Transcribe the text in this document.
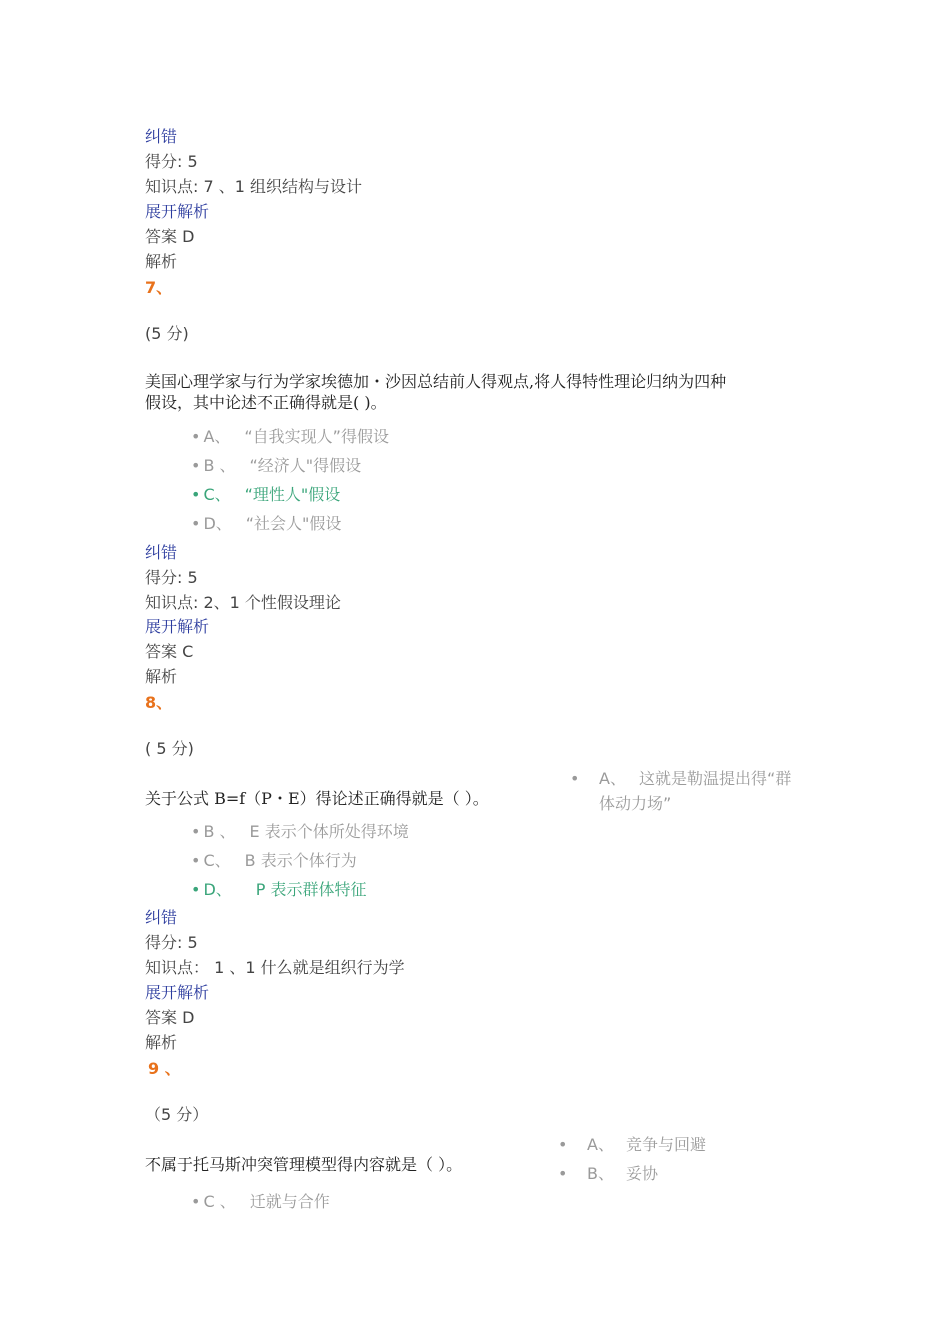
纠错
得分: 5
知识点: 7 、1 组织结构与设计
展开解析
答案 D
解析
7、
(5 分)
美国心理学家与行为学家埃德加・沙因总结前人得观点,将人得特性理论归纳为四种
假设，其中论述不正确得就是( )。
• A、 “自我实现人”得假设
• B 、 “经济人"得假设
• C、 “理性人"假设
• D、 “社会人"假设
纠错
得分: 5
知识点: 2、1 个性假设理论
展开解析
答案 C
解析
8、
( 5 分)
•	A、 这就是勒温提出得“群
体动力场”
关于公式 B=f（P・E）得论述正确得就是（ ）。
• B 、 E 表示个体所处得环境
• C、 B 表示个体行为
• D、 P 表示群体特征
纠错
得分: 5
知识点： 1 、1 什么就是组织行为学
展开解析
答案 D
解析
9 、
（5 分）
• A、 竞争与回避
• B、 妥协
不属于托马斯冲突管理模型得内容就是（ ）。
• C 、 迁就与合作
